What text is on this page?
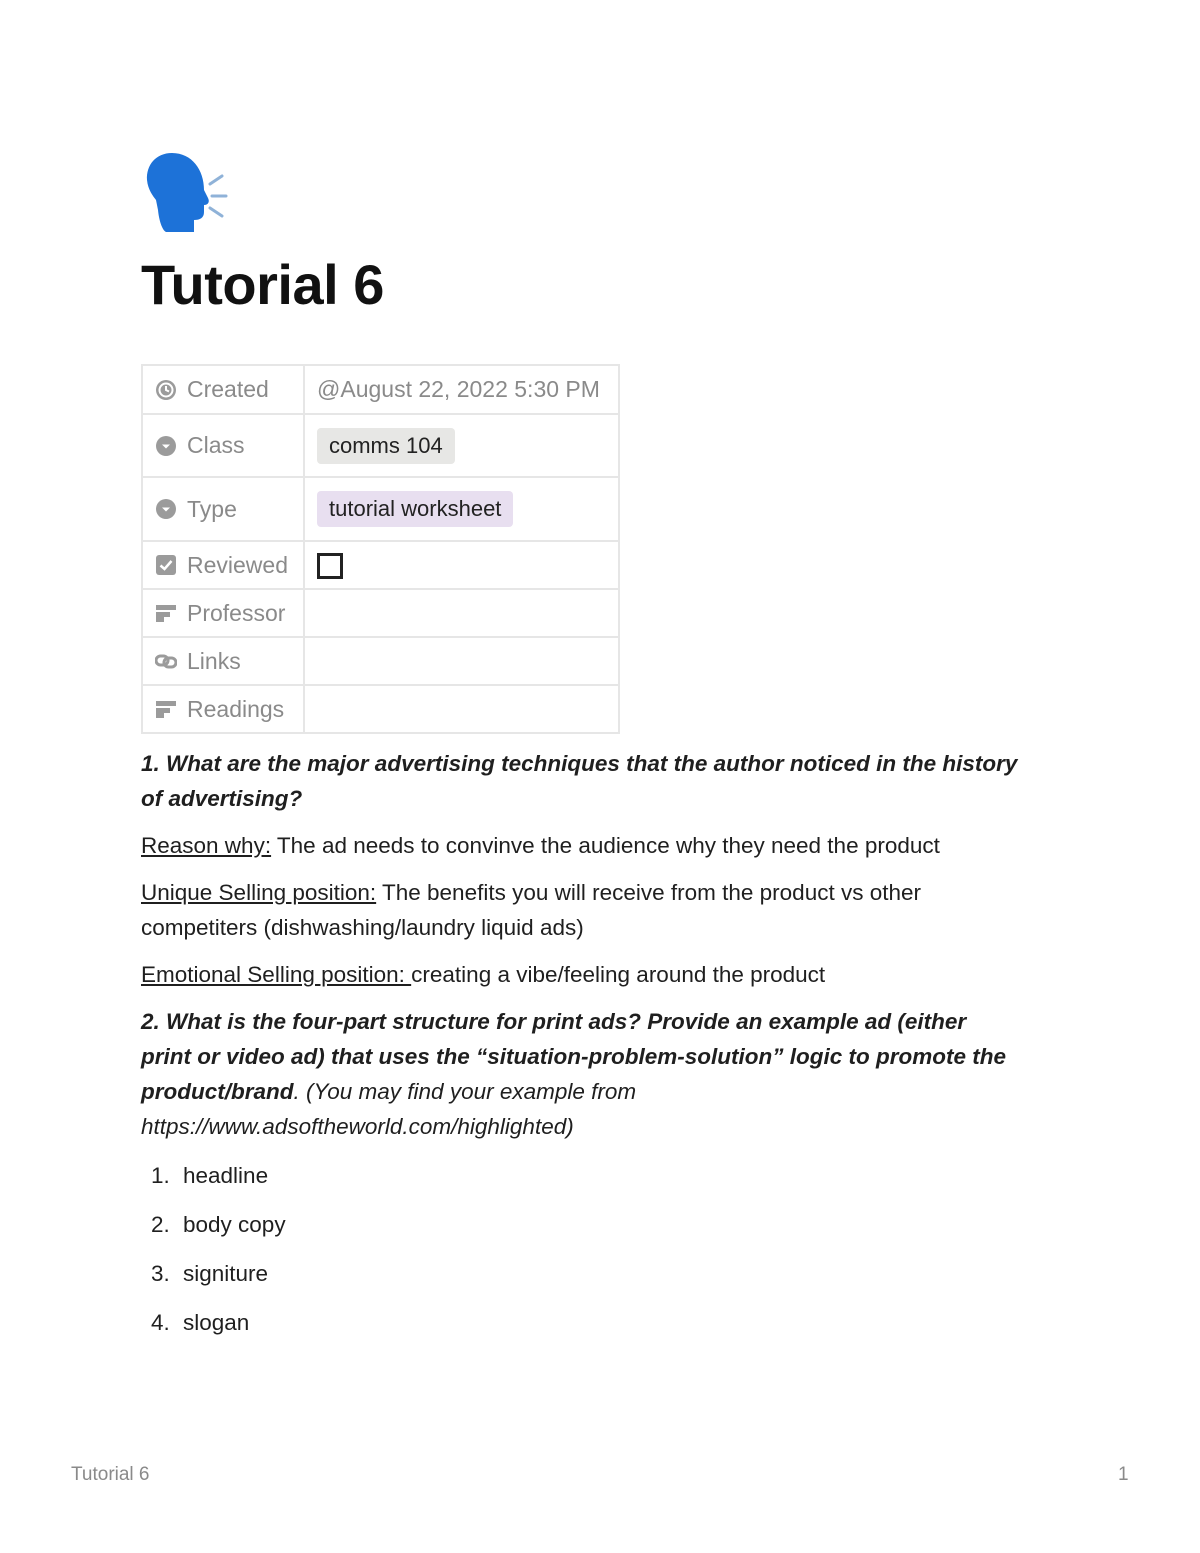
Tutorial 6
Created	@August 22, 2022 5:30 PM

Class	comms 104

Type	tutorial worksheet

Reviewed	

Professor	

Links	

Readings	

1. What are the major advertising techniques that the author noticed in the history
of advertising?

Reason why: The ad needs to convinve the audience why they need the product

Unique Selling position: The benefits you will receive from the product vs other
competiters (dishwashing/laundry liquid ads)

Emotional Selling position: creating a vibe/feeling around the product

2. What is the four-part structure for print ads? Provide an example ad (either
print or video ad) that uses the “situation-problem-solution” logic to promote the
product/brand. (You may find your example from
https://www.adsoftheworld.com/highlighted)

1. headline
2. body copy
3. signiture
4. slogan
Tutorial 6	1
